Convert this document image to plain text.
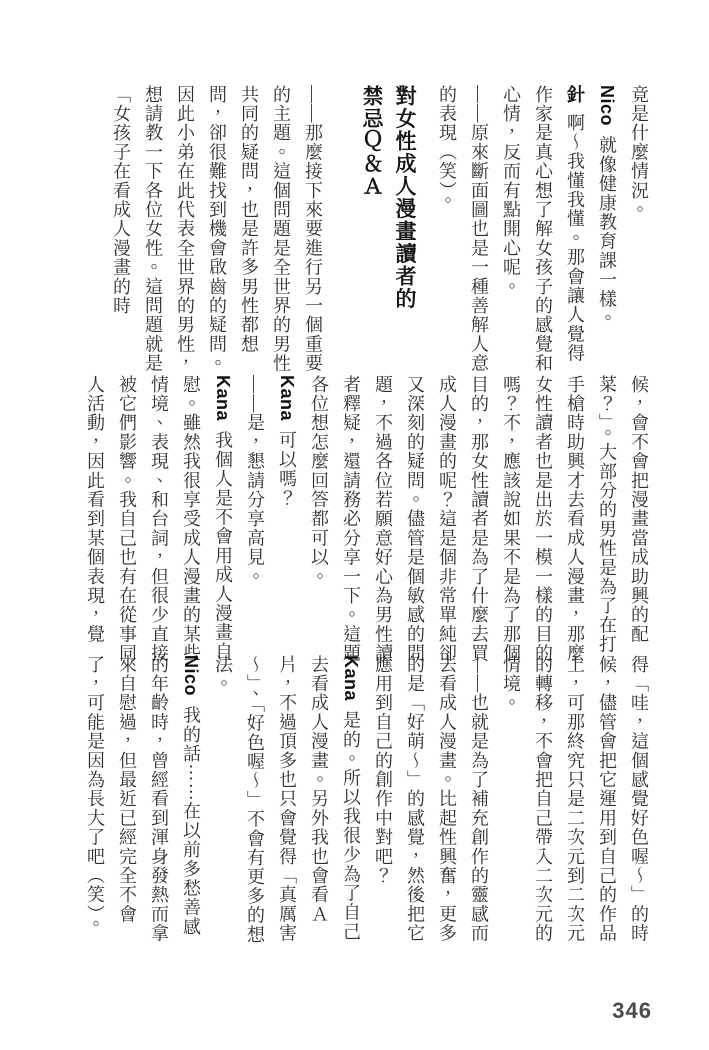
竟是什麼情況。

Nico就像健康教育課一樣。

針啊～我懂我懂。那會讓人覺得作家是真心想了解女孩子的感覺和心情，反而有點開心呢。

——原來斷面圖也是一種善解人意的表現（笑）。

對女性成人漫畫讀者的
禁忌Ｑ＆Ａ

——那麼接下來要進行另一個重要的主題。這個問題是全世界的男性共同的疑問，也是許多男性都想問，卻很難找到機會啟齒的疑問。因此小弟在此代表全世界的男性，想請教一下各位女性。這問題就是「女孩子在看成人漫畫的時

候，會不會把漫畫當成助興的配菜？」。大部分的男性是為了在打手槍時助興才去看成人漫畫，那麼女性讀者也是出於一模一樣的目的嗎？不，應該說如果不是為了那個目的，那女性讀者是為了什麼去買成人漫畫的呢？這是個非常單純卻又深刻的疑問。儘管是個敏感的問題，不過各位若願意好心為男性讀者釋疑，還請務必分享一下。這題各位想怎麼回答都可以。

Kana可以嗎？

——是，懇請分享高見。

Kana我個人是不會用成人漫畫自慰。雖然我很享受成人漫畫的某些情境、表現、和台詞，但很少直接被它們影響。我自己也有在從事同人活動，因此看到某個表現，覺

得「哇，這個感覺好色喔～」的時候，儘管會把它運用到自己的作品上，可那終究只是二次元到二次元的轉移，不會把自己帶入二次元的情境。

——也就是為了補充創作的靈感而去看成人漫畫。比起性興奮，更多的是「好萌～」的感覺，然後把它應用到自己的創作中對吧？

Kana是的。所以我很少為了自己去看成人漫畫。另外我也會看Ａ片，不過頂多也只會覺得「真厲害～」、「好色喔～」不會有更多的想法。

Nico我的話⋯⋯在以前多愁善感的年齡時，曾經看到渾身發熱而拿來自慰過，但最近已經完全不會了，可能是因為長大了吧（笑）。

346
